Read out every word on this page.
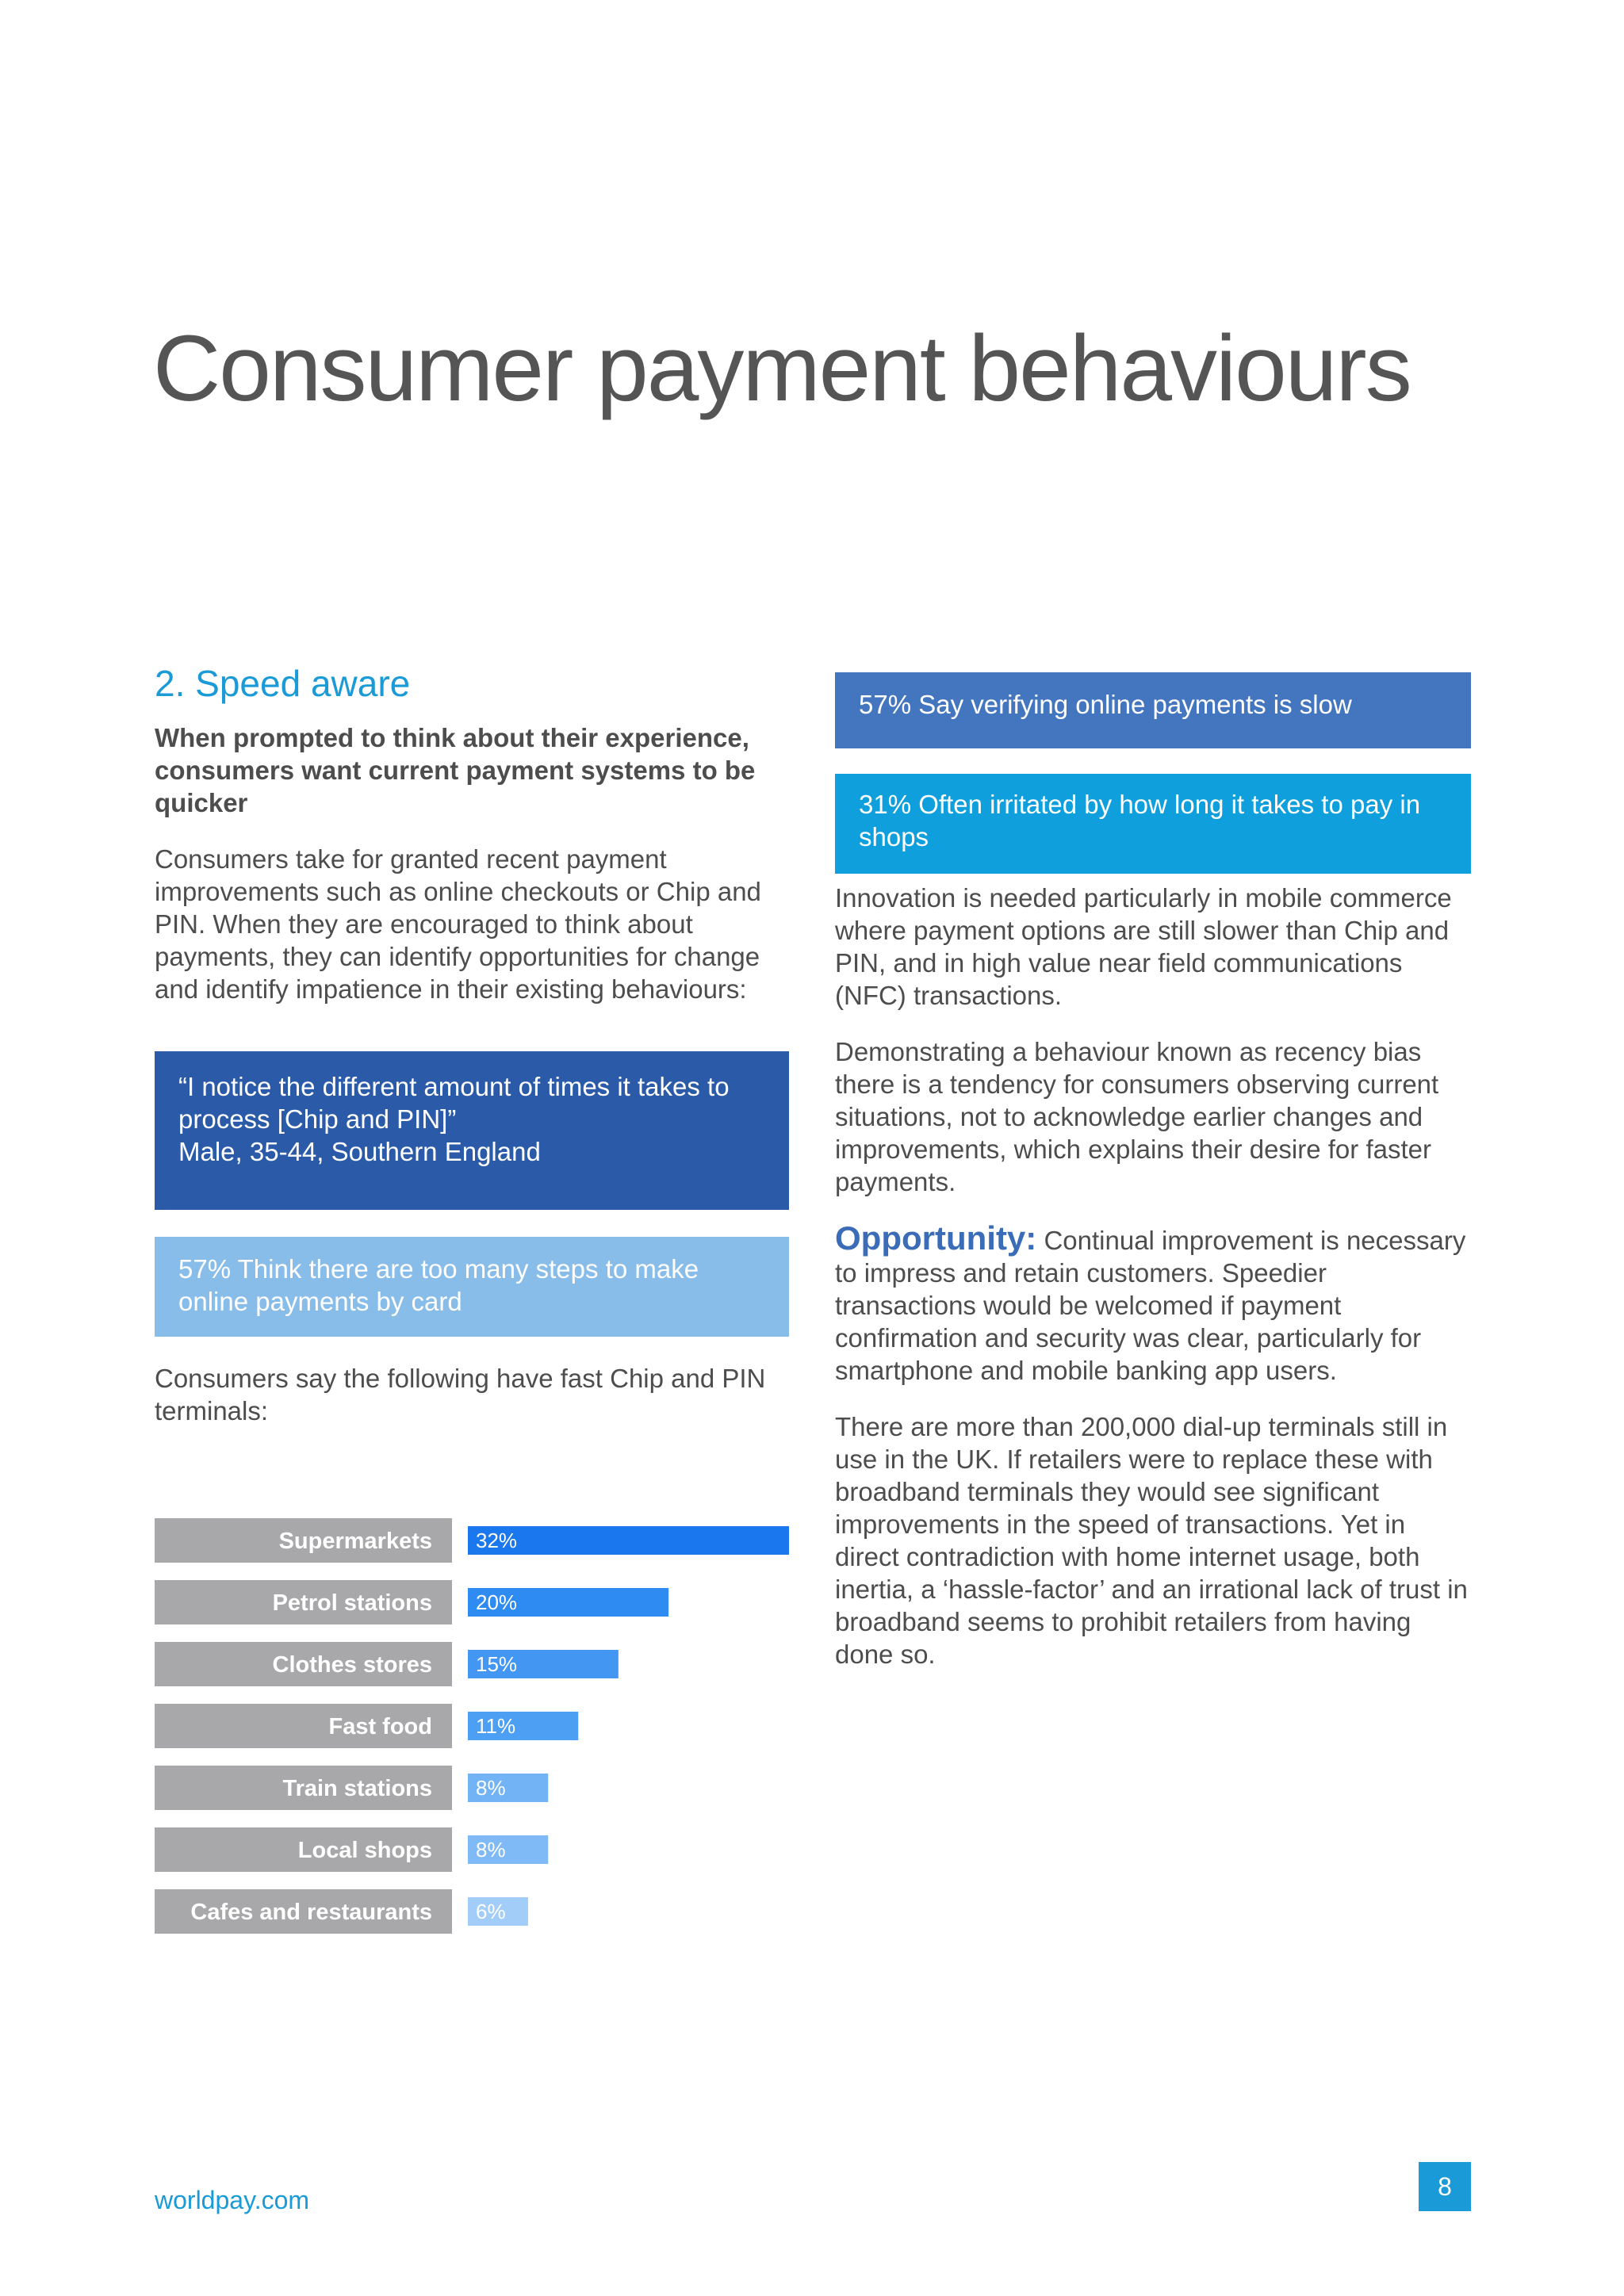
Consumer payment behaviours
2. Speed aware
When prompted to think about their experience, consumers want current payment systems to be quicker
Consumers take for granted recent payment improvements such as online checkouts or Chip and PIN. When they are encouraged to think about payments, they can identify opportunities for change and identify impatience in their existing behaviours:
“I notice the different amount of times it takes to process [Chip and PIN]”
Male, 35-44, Southern England
57% Think there are too many steps to make online payments by card
Consumers say the following have fast Chip and PIN terminals:
Supermarkets 32%
Petrol stations 20%
Clothes stores 15%
Fast food 11%
Train stations 8%
Local shops 8%
Cafes and restaurants 6%
57% Say verifying online payments is slow
31% Often irritated by how long it takes to pay in shops
Innovation is needed particularly in mobile commerce where payment options are still slower than Chip and PIN, and in high value near field communications (NFC) transactions.
Demonstrating a behaviour known as recency bias there is a tendency for consumers observing current situations, not to acknowledge earlier changes and improvements, which explains their desire for faster payments.
Opportunity: Continual improvement is necessary to impress and retain customers. Speedier transactions would be welcomed if payment confirmation and security was clear, particularly for smartphone and mobile banking app users.
There are more than 200,000 dial-up terminals still in use in the UK. If retailers were to replace these with broadband terminals they would see significant improvements in the speed of transactions. Yet in direct contradiction with home internet usage, both inertia, a ‘hassle-factor’ and an irrational lack of trust in broadband seems to prohibit retailers from having done so.
worldpay.com	8
